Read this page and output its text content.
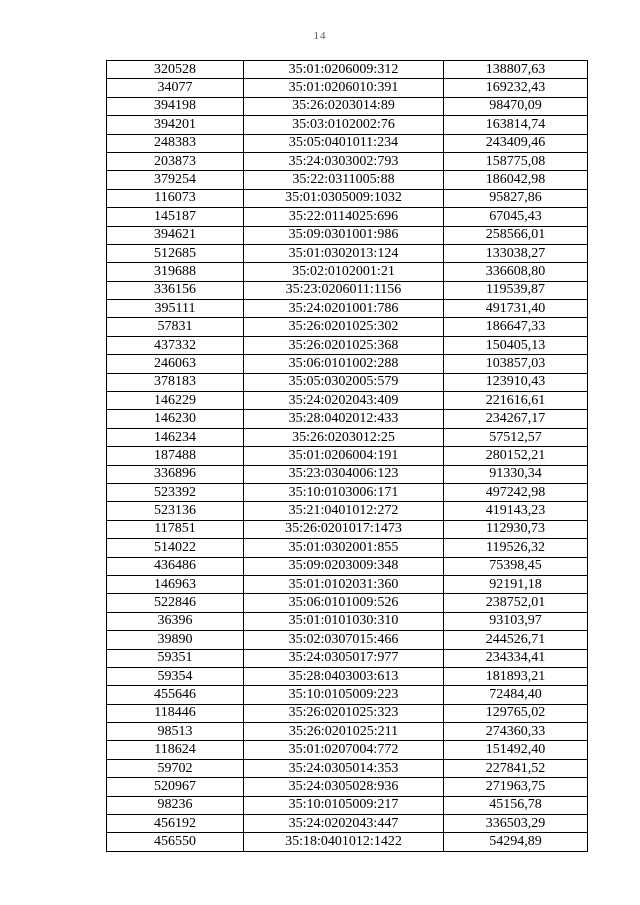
14
320528	35:01:0206009:312	138807,63
34077	35:01:0206010:391	169232,43
394198	35:26:0203014:89	98470,09
394201	35:03:0102002:76	163814,74
248383	35:05:0401011:234	243409,46
203873	35:24:0303002:793	158775,08
379254	35:22:0311005:88	186042,98
116073	35:01:0305009:1032	95827,86
145187	35:22:0114025:696	67045,43
394621	35:09:0301001:986	258566,01
512685	35:01:0302013:124	133038,27
319688	35:02:0102001:21	336608,80
336156	35:23:0206011:1156	119539,87
395111	35:24:0201001:786	491731,40
57831	35:26:0201025:302	186647,33
437332	35:26:0201025:368	150405,13
246063	35:06:0101002:288	103857,03
378183	35:05:0302005:579	123910,43
146229	35:24:0202043:409	221616,61
146230	35:28:0402012:433	234267,17
146234	35:26:0203012:25	57512,57
187488	35:01:0206004:191	280152,21
336896	35:23:0304006:123	91330,34
523392	35:10:0103006:171	497242,98
523136	35:21:0401012:272	419143,23
117851	35:26:0201017:1473	112930,73
514022	35:01:0302001:855	119526,32
436486	35:09:0203009:348	75398,45
146963	35:01:0102031:360	92191,18
522846	35:06:0101009:526	238752,01
36396	35:01:0101030:310	93103,97
39890	35:02:0307015:466	244526,71
59351	35:24:0305017:977	234334,41
59354	35:28:0403003:613	181893,21
455646	35:10:0105009:223	72484,40
118446	35:26:0201025:323	129765,02
98513	35:26:0201025:211	274360,33
118624	35:01:0207004:772	151492,40
59702	35:24:0305014:353	227841,52
520967	35:24:0305028:936	271963,75
98236	35:10:0105009:217	45156,78
456192	35:24:0202043:447	336503,29
456550	35:18:0401012:1422	54294,89
